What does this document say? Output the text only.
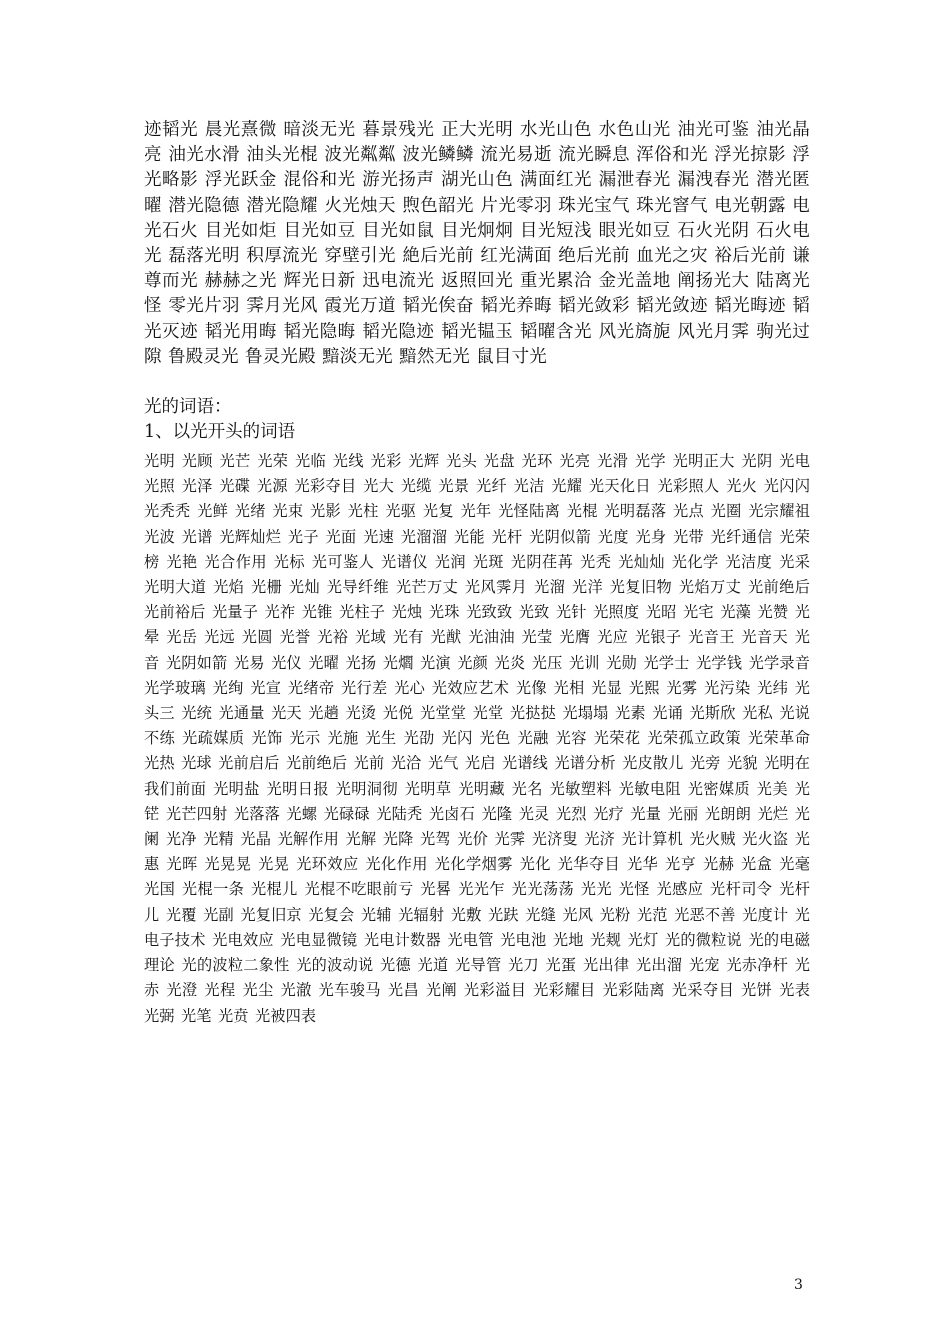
迹韬光 晨光熹微 暗淡无光 暮景残光 正大光明 水光山色 水色山光 油光可鉴 油光晶亮 油光水滑 油头光棍 波光粼粼 波光鳞鳞 流光易逝 流光瞬息 浑俗和光 浮光掠影 浮光略影 浮光跃金 混俗和光 游光扬声 湖光山色 满面红光 漏泄春光 漏洩春光 潜光匿曜 潜光隐德 潜光隐耀 火光烛天 煦色韶光 片光零羽 珠光宝气 珠光窨气 电光朝露 电光石火 目光如炬 目光如豆 目光如鼠 目光炯炯 目光短浅 眼光如豆 石火光阴 石火电光 磊落光明 积厚流光 穿壁引光 絶后光前 红光满面 绝后光前 血光之灾 裕后光前 谦尊而光 赫赫之光 辉光日新 迅电流光 返照回光 重光累洽 金光盖地 阐扬光大 陆离光怪 零光片羽 霁月光风 霞光万道 韬光俟奋 韬光养晦 韬光敛彩 韬光敛迹 韬光晦迹 韬光灭迹 韬光用晦 韬光隐晦 韬光隐迹 韬光韫玉 韬曜含光 风光旖旎 风光月霁 驹光过隙 鲁殿灵光 鲁灵光殿 黯淡无光 黯然无光 鼠目寸光

光的词语：

1、以光开头的词语

光明 光顾 光芒 光荣 光临 光线 光彩 光辉 光头 光盘 光环 光亮 光滑 光学 光明正大 光阴 光电 光照 光泽 光碟 光源 光彩夺目 光大 光缆 光景 光纤 光洁 光耀 光天化日 光彩照人 光火 光闪闪 光秃秃 光鲜 光绪 光束 光影 光柱 光驱 光复 光年 光怪陆离 光棍 光明磊落 光点 光圈 光宗耀祖 光波 光谱 光辉灿烂 光子 光面 光速 光溜溜 光能 光杆 光阴似箭 光度 光身 光带 光纤通信 光荣榜 光艳 光合作用 光标 光可鉴人 光谱仪 光润 光斑 光阴荏苒 光秃 光灿灿 光化学 光洁度 光采 光明大道 光焰 光栅 光灿 光导纤维 光芒万丈 光风霁月 光溜 光洋 光复旧物 光焰万丈 光前绝后 光前裕后 光量子 光祚 光锥 光柱子 光烛 光珠 光致致 光致 光针 光照度 光昭 光宅 光藻 光赞 光晕 光岳 光远 光圆 光誉 光裕 光域 光有 光猷 光油油 光莹 光膺 光应 光银子 光音王 光音天 光音 光阴如箭 光易 光仪 光曜 光扬 光爓 光演 光颜 光炎 光压 光训 光勋 光学士 光学钱 光学录音 光学玻璃 光绚 光宣 光绪帝 光行差 光心 光效应艺术 光像 光相 光显 光熙 光雾 光污染 光纬 光头三 光统 光通量 光天 光趟 光烫 光侻 光堂堂 光堂 光挞挞 光塌塌 光素 光诵 光斯欣 光私 光说不练 光疏媒质 光饰 光示 光施 光生 光劭 光闪 光色 光融 光容 光荣花 光荣孤立政策 光荣革命 光热 光球 光前启后 光前绝后 光前 光洽 光气 光启 光谱线 光谱分析 光皮散儿 光旁 光貌 光明在我们前面 光明盐 光明日报 光明洞彻 光明草 光明藏 光名 光敏塑料 光敏电阻 光密媒质 光美 光铓 光芒四射 光落落 光螺 光碌碌 光陆秃 光卤石 光隆 光灵 光烈 光疗 光量 光丽 光朗朗 光烂 光阑 光净 光精 光晶 光解作用 光解 光降 光驾 光价 光霁 光济叟 光济 光计算机 光火贼 光火盗 光惠 光晖 光晃晃 光晃 光环效应 光化作用 光化学烟雾 光化 光华夺目 光华 光亨 光赫 光盒 光毫 光国 光棍一条 光棍儿 光棍不吃眼前亏 光晷 光光乍 光光荡荡 光光 光怪 光感应 光杆司令 光杆儿 光覆 光副 光复旧京 光复会 光辅 光辐射 光敷 光趺 光缝 光风 光粉 光范 光恶不善 光度计 光电子技术 光电效应 光电显微镜 光电计数器 光电管 光电池 光地 光觌 光灯 光的微粒说 光的电磁理论 光的波粒二象性 光的波动说 光德 光道 光导管 光刀 光蛋 光出律 光出溜 光宠 光赤净杆 光赤 光澄 光程 光尘 光澈 光车骏马 光昌 光阐 光彩溢目 光彩耀目 光彩陆离 光采夺目 光饼 光表 光弼 光笔 光贲 光被四表

3
